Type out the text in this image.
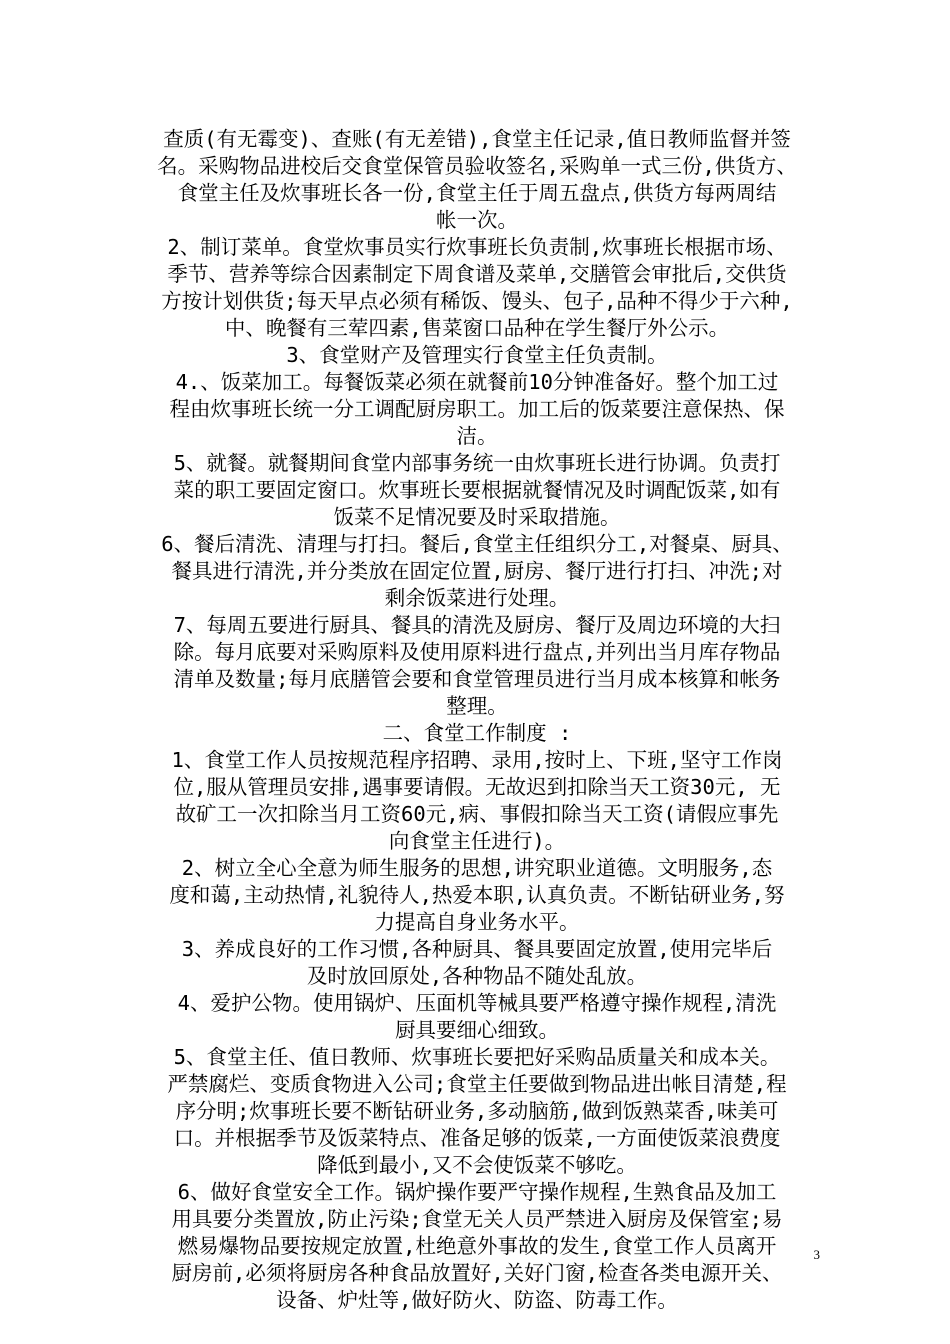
查质(有无霉变)、查账(有无差错),食堂主任记录,值日教师监督并签
名。采购物品进校后交食堂保管员验收签名,采购单一式三份,供货方、
食堂主任及炊事班长各一份,食堂主任于周五盘点,供货方每两周结
帐一次。
2、制订菜单。食堂炊事员实行炊事班长负责制,炊事班长根据市场、
季节、营养等综合因素制定下周食谱及菜单,交膳管会审批后,交供货
方按计划供货;每天早点必须有稀饭、馒头、包子,品种不得少于六种,
中、晚餐有三荤四素,售菜窗口品种在学生餐厅外公示。
3、食堂财产及管理实行食堂主任负责制。
4.、饭菜加工。每餐饭菜必须在就餐前10分钟准备好。整个加工过
程由炊事班长统一分工调配厨房职工。加工后的饭菜要注意保热、保
洁。
5、就餐。就餐期间食堂内部事务统一由炊事班长进行协调。负责打
菜的职工要固定窗口。炊事班长要根据就餐情况及时调配饭菜,如有
饭菜不足情况要及时采取措施。
6、餐后清洗、清理与打扫。餐后,食堂主任组织分工,对餐桌、厨具、
餐具进行清洗,并分类放在固定位置,厨房、餐厅进行打扫、冲洗;对
剩余饭菜进行处理。
7、每周五要进行厨具、餐具的清洗及厨房、餐厅及周边环境的大扫
除。每月底要对采购原料及使用原料进行盘点,并列出当月库存物品
清单及数量;每月底膳管会要和食堂管理员进行当月成本核算和帐务
整理。
二、食堂工作制度 :
1、食堂工作人员按规范程序招聘、录用,按时上、下班,坚守工作岗
位,服从管理员安排,遇事要请假。无故迟到扣除当天工资30元, 无
故矿工一次扣除当月工资60元,病、事假扣除当天工资(请假应事先
向食堂主任进行)。
2、树立全心全意为师生服务的思想,讲究职业道德。文明服务,态
度和蔼,主动热情,礼貌待人,热爱本职,认真负责。不断钻研业务,努
力提高自身业务水平。
3、养成良好的工作习惯,各种厨具、餐具要固定放置,使用完毕后
及时放回原处,各种物品不随处乱放。
4、爱护公物。使用锅炉、压面机等械具要严格遵守操作规程,清洗
厨具要细心细致。
5、食堂主任、值日教师、炊事班长要把好采购品质量关和成本关。
严禁腐烂、变质食物进入公司;食堂主任要做到物品进出帐目清楚,程
序分明;炊事班长要不断钻研业务,多动脑筋,做到饭熟菜香,味美可
口。并根据季节及饭菜特点、准备足够的饭菜,一方面使饭菜浪费度
降低到最小,又不会使饭菜不够吃。
6、做好食堂安全工作。锅炉操作要严守操作规程,生熟食品及加工
用具要分类置放,防止污染;食堂无关人员严禁进入厨房及保管室;易
燃易爆物品要按规定放置,杜绝意外事故的发生,食堂工作人员离开
厨房前,必须将厨房各种食品放置好,关好门窗,检查各类电源开关、
设备、炉灶等,做好防火、防盗、防毒工作。
3
